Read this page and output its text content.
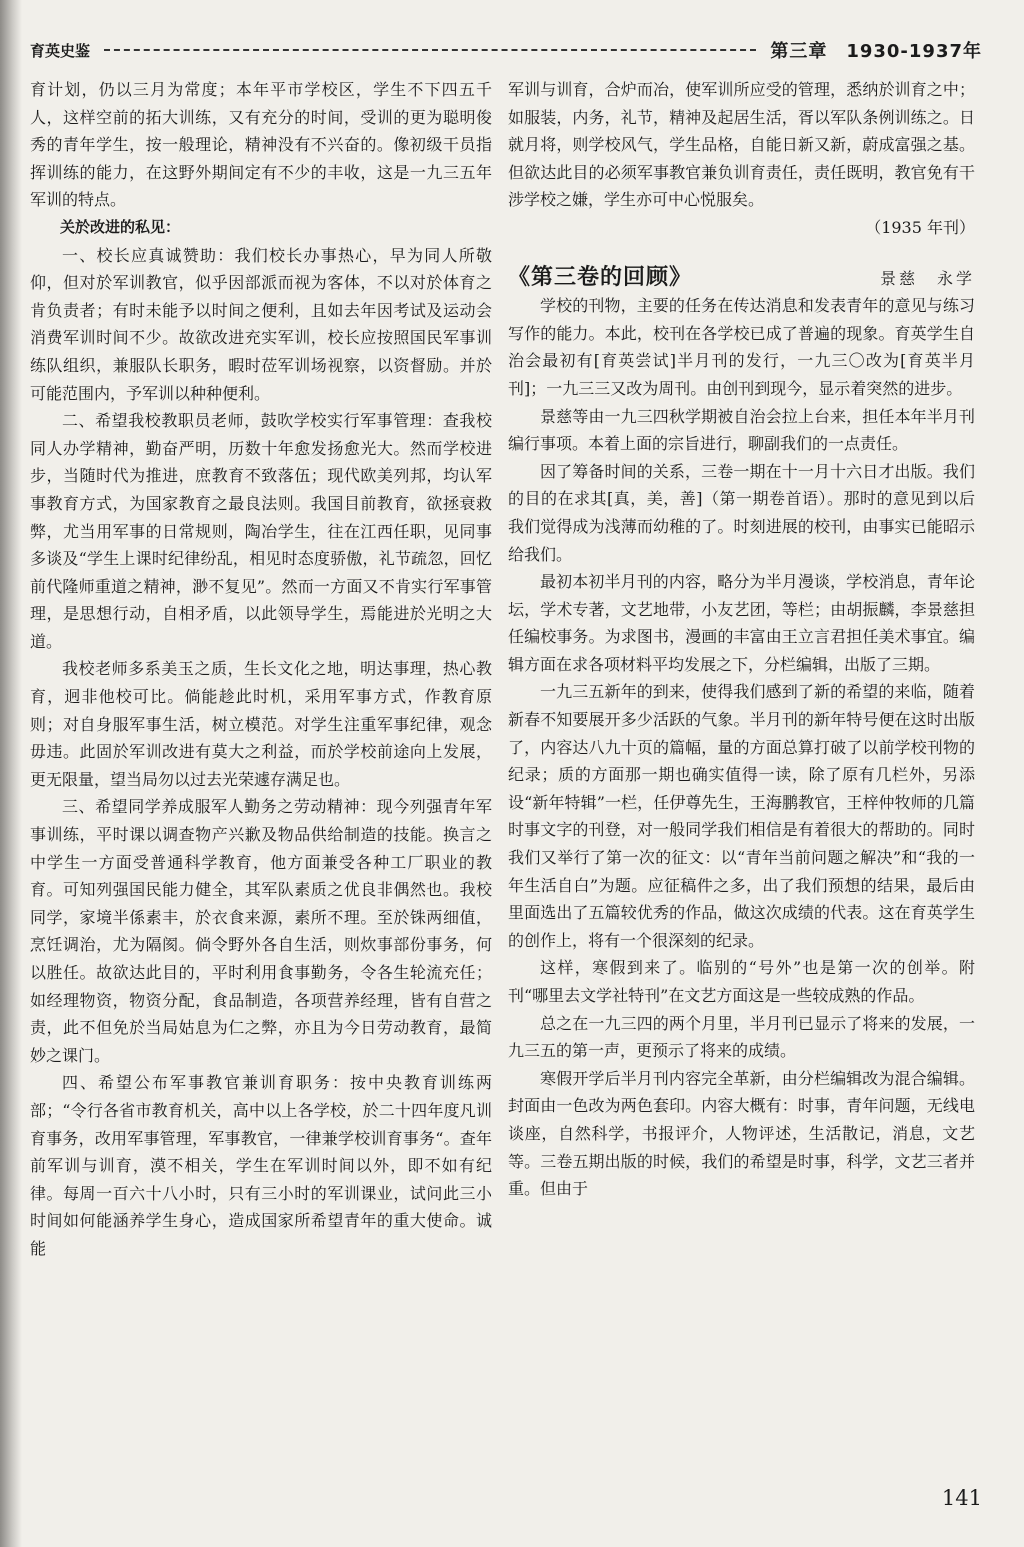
育英史鉴	第三章　1930-1937年

育计划，仍以三月为常度；本年平市学校区，学生不下四五千人，这样空前的拓大训练，又有充分的时间，受训的更为聪明俊秀的青年学生，按一般理论，精神没有不兴奋的。像初级干员指挥训练的能力，在这野外期间定有不少的丰收，这是一九三五年军训的特点。

关於改进的私见：

一、校长应真诚赞助：我们校长办事热心，早为同人所敬仰，但对於军训教官，似乎因部派而视为客体，不以对於体育之肯负责者；有时未能予以时间之便利，且如去年因考试及运动会消费军训时间不少。故欲改进充实军训，校长应按照国民军事训练队组织，兼服队长职务，暇时莅军训场视察，以资督励。并於可能范围内，予军训以种种便利。

二、希望我校教职员老师，鼓吹学校实行军事管理：查我校同人办学精神，勤奋严明，历数十年愈发扬愈光大。然而学校进步，当随时代为推进，庶教育不致落伍；现代欧美列邦，均认军事教育方式，为国家教育之最良法则。我国目前教育，欲拯衰救弊，尤当用军事的日常规则，陶冶学生，往在江西任职，见同事多谈及“学生上课时纪律纷乱，相见时态度骄傲，礼节疏忽，回忆前代隆师重道之精神，渺不复见”。然而一方面又不肯实行军事管理，是思想行动，自相矛盾，以此领导学生，焉能进於光明之大道。

我校老师多系美玉之质，生长文化之地，明达事理，热心教育，迥非他校可比。倘能趁此时机，采用军事方式，作教育原则；对自身服军事生活，树立模范。对学生注重军事纪律，观念毋违。此固於军训改进有莫大之利益，而於学校前途向上发展，更无限量，望当局勿以过去光荣遽存满足也。

三、希望同学养成服军人勤务之劳动精神：现今列强青年军事训练，平时课以调查物产兴歉及物品供给制造的技能。换言之中学生一方面受普通科学教育，他方面兼受各种工厂职业的教育。可知列强国民能力健全，其军队素质之优良非偶然也。我校同学，家境半係素丰，於衣食来源，素所不理。至於铢两细值，烹饪调治，尤为隔阂。倘令野外各自生活，则炊事部份事务，何以胜任。故欲达此目的，平时利用食事勤务，令各生轮流充任；如经理物资，物资分配，食品制造，各项营养经理，皆有自营之责，此不但免於当局姑息为仁之弊，亦且为今日劳动教育，最简妙之课门。

四、希望公布军事教官兼训育职务：按中央教育训练两部；“令行各省市教育机关，高中以上各学校，於二十四年度凡训育事务，改用军事管理，军事教官，一律兼学校训育事务“。查年前军训与训育，漠不相关，学生在军训时间以外，即不如有纪律。每周一百六十八小时，只有三小时的军训课业，试问此三小时间如何能涵养学生身心，造成国家所希望青年的重大使命。诚能

军训与训育，合炉而冶，使军训所应受的管理，悉纳於训育之中；如服装，内务，礼节，精神及起居生活，胥以军队条例训练之。日就月将，则学校风气，学生品格，自能日新又新，蔚成富强之基。但欲达此目的必须军事教官兼负训育责任，责任既明，教官免有干涉学校之嫌，学生亦可中心悦服矣。

（1935 年刊）

《第三卷的回顾》	景慈　永学

学校的刊物，主要的任务在传达消息和发表青年的意见与练习写作的能力。本此，校刊在各学校已成了普遍的现象。育英学生自治会最初有[育英尝试]半月刊的发行，一九三〇改为[育英半月刊]；一九三三又改为周刊。由创刊到现今，显示着突然的进步。

景慈等由一九三四秋学期被自治会拉上台来，担任本年半月刊编行事项。本着上面的宗旨进行，聊副我们的一点责任。

因了筹备时间的关系，三卷一期在十一月十六日才出版。我们的目的在求其[真，美，善]（第一期卷首语）。那时的意见到以后我们觉得成为浅薄而幼稚的了。时刻进展的校刊，由事实已能昭示给我们。

最初本初半月刊的内容，略分为半月漫谈，学校消息，青年论坛，学术专著，文艺地带，小友艺团，等栏；由胡振麟，李景慈担任编校事务。为求图书，漫画的丰富由王立言君担任美术事宜。编辑方面在求各项材料平均发展之下，分栏编辑，出版了三期。

一九三五新年的到来，使得我们感到了新的希望的来临，随着新春不知要展开多少活跃的气象。半月刊的新年特号便在这时出版了，内容达八九十页的篇幅，量的方面总算打破了以前学校刊物的纪录；质的方面那一期也确实值得一读，除了原有几栏外，另添设“新年特辑”一栏，任伊尊先生，王海鹏教官，王梓仲牧师的几篇时事文字的刊登，对一般同学我们相信是有着很大的帮助的。同时我们又举行了第一次的征文：以“青年当前问题之解决”和“我的一年生活自白”为题。应征稿件之多，出了我们预想的结果，最后由里面选出了五篇较优秀的作品，做这次成绩的代表。这在育英学生的创作上，将有一个很深刻的纪录。

这样，寒假到来了。临别的“号外”也是第一次的创举。附刊“哪里去文学社特刊”在文艺方面这是一些较成熟的作品。

总之在一九三四的两个月里，半月刊已显示了将来的发展，一九三五的第一声，更预示了将来的成绩。

寒假开学后半月刊内容完全革新，由分栏编辑改为混合编辑。封面由一色改为两色套印。内容大概有：时事，青年问题，无线电谈座，自然科学，书报评介，人物评述，生活散记，消息，文艺等。三卷五期出版的时候，我们的希望是时事，科学，文艺三者并重。但由于

141
